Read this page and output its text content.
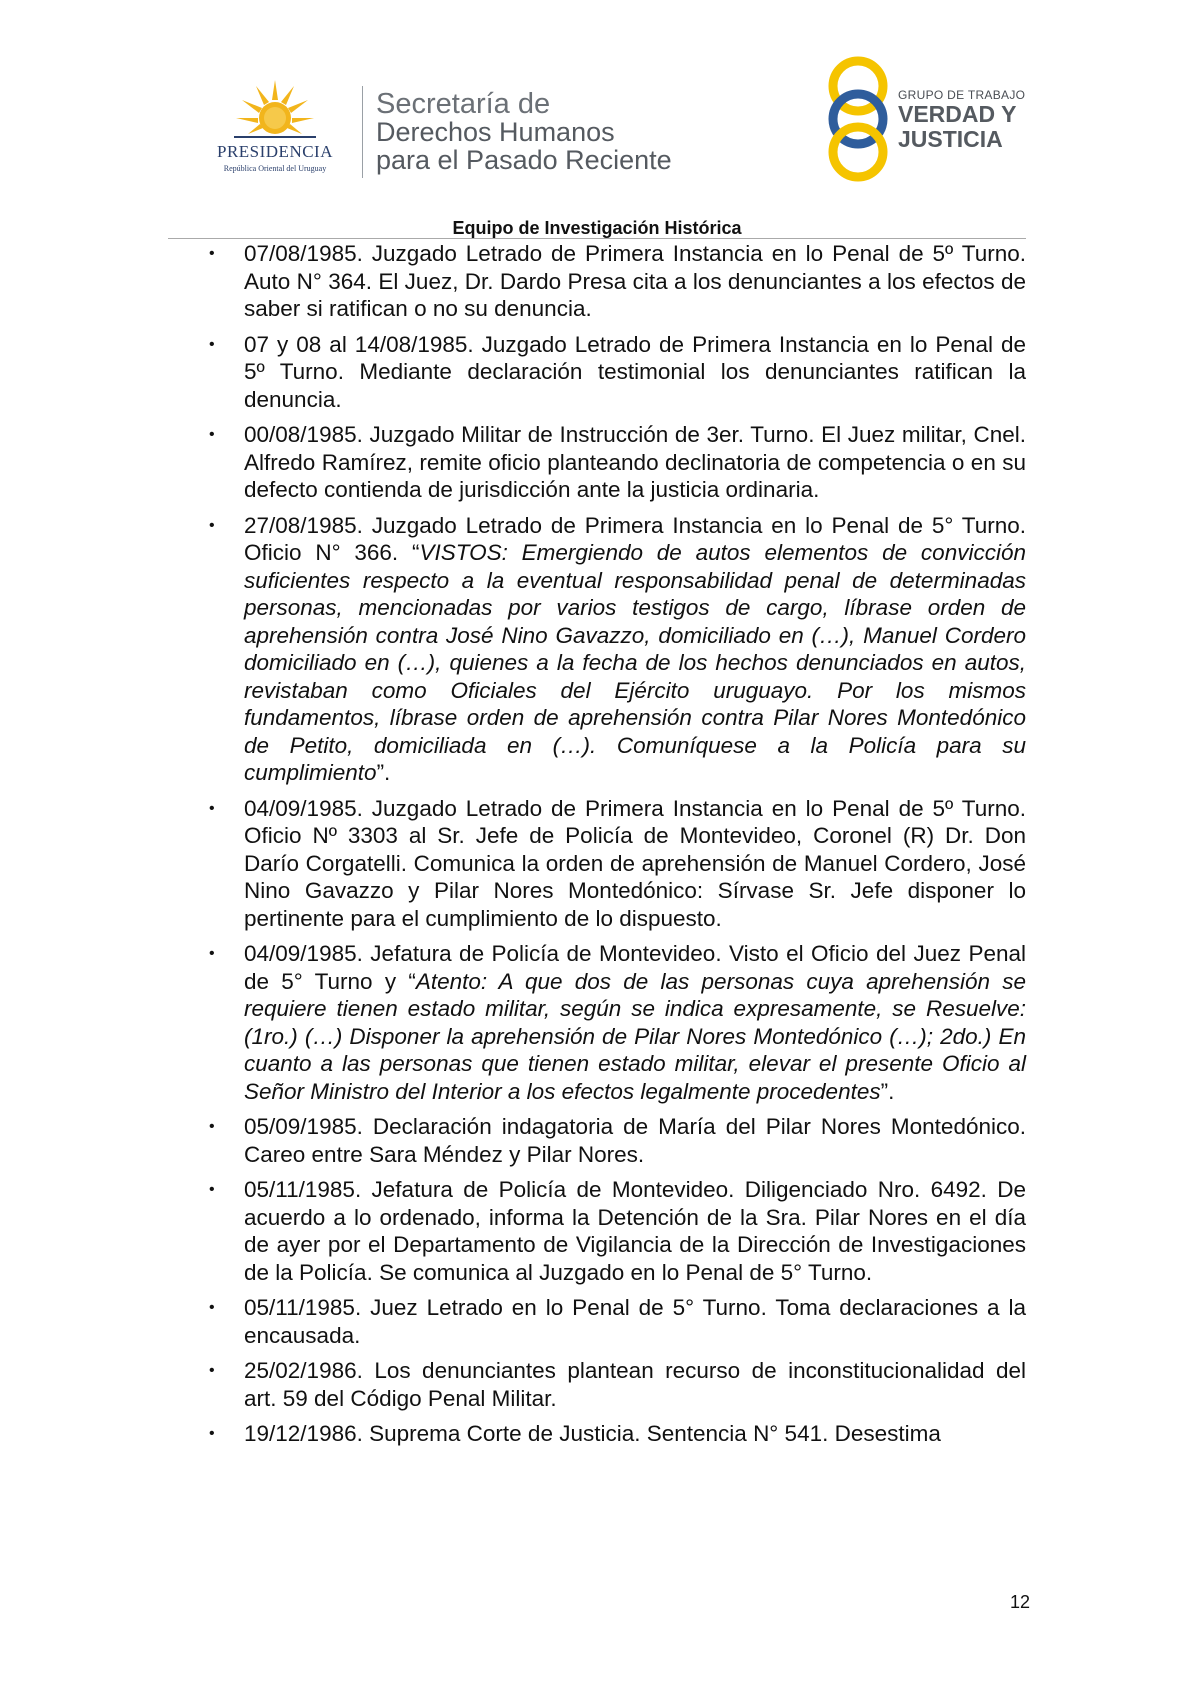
PRESIDENCIA
República Oriental del Uruguay
Secretaría de
Derechos Humanos
para el Pasado Reciente
GRUPO DE TRABAJO
VERDAD Y
JUSTICIA
Equipo de Investigación Histórica
• 07/08/1985. Juzgado Letrado de Primera Instancia en lo Penal de 5º Turno. Auto N° 364. El Juez, Dr. Dardo Presa cita a los denunciantes a los efectos de saber si ratifican o no su denuncia.
• 07 y 08 al 14/08/1985. Juzgado Letrado de Primera Instancia en lo Penal de 5º Turno. Mediante declaración testimonial los denunciantes ratifican la denuncia.
• 00/08/1985. Juzgado Militar de Instrucción de 3er. Turno. El Juez militar, Cnel. Alfredo Ramírez, remite oficio planteando declinatoria de competencia o en su defecto contienda de jurisdicción ante la justicia ordinaria.
• 27/08/1985. Juzgado Letrado de Primera Instancia en lo Penal de 5° Turno. Oficio N° 366. “VISTOS: Emergiendo de autos elementos de convicción suficientes respecto a la eventual responsabilidad penal de determinadas personas, mencionadas por varios testigos de cargo, líbrase orden de aprehensión contra José Nino Gavazzo, domiciliado en (…), Manuel Cordero domiciliado en (…), quienes a la fecha de los hechos denunciados en autos, revistaban como Oficiales del Ejército uruguayo. Por los mismos fundamentos, líbrase orden de aprehensión contra Pilar Nores Montedónico de Petito, domiciliada en (…). Comuníquese a la Policía para su cumplimiento”.
• 04/09/1985. Juzgado Letrado de Primera Instancia en lo Penal de 5º Turno. Oficio Nº 3303 al Sr. Jefe de Policía de Montevideo, Coronel (R) Dr. Don Darío Corgatelli. Comunica la orden de aprehensión de Manuel Cordero, José Nino Gavazzo y Pilar Nores Montedónico: Sírvase Sr. Jefe disponer lo pertinente para el cumplimiento de lo dispuesto.
• 04/09/1985. Jefatura de Policía de Montevideo. Visto el Oficio del Juez Penal de 5° Turno y “Atento: A que dos de las personas cuya aprehensión se requiere tienen estado militar, según se indica expresamente, se Resuelve: (1ro.) (…) Disponer la aprehensión de Pilar Nores Montedónico (…); 2do.) En cuanto a las personas que tienen estado militar, elevar el presente Oficio al Señor Ministro del Interior a los efectos legalmente procedentes”.
• 05/09/1985. Declaración indagatoria de María del Pilar Nores Montedónico. Careo entre Sara Méndez y Pilar Nores.
• 05/11/1985. Jefatura de Policía de Montevideo. Diligenciado Nro. 6492. De acuerdo a lo ordenado, informa la Detención de la Sra. Pilar Nores en el día de ayer por el Departamento de Vigilancia de la Dirección de Investigaciones de la Policía. Se comunica al Juzgado en lo Penal de 5° Turno.
• 05/11/1985. Juez Letrado en lo Penal de 5° Turno. Toma declaraciones a la encausada.
• 25/02/1986. Los denunciantes plantean recurso de inconstitucionalidad del art. 59 del Código Penal Militar.
• 19/12/1986. Suprema Corte de Justicia. Sentencia N° 541. Desestima
12
